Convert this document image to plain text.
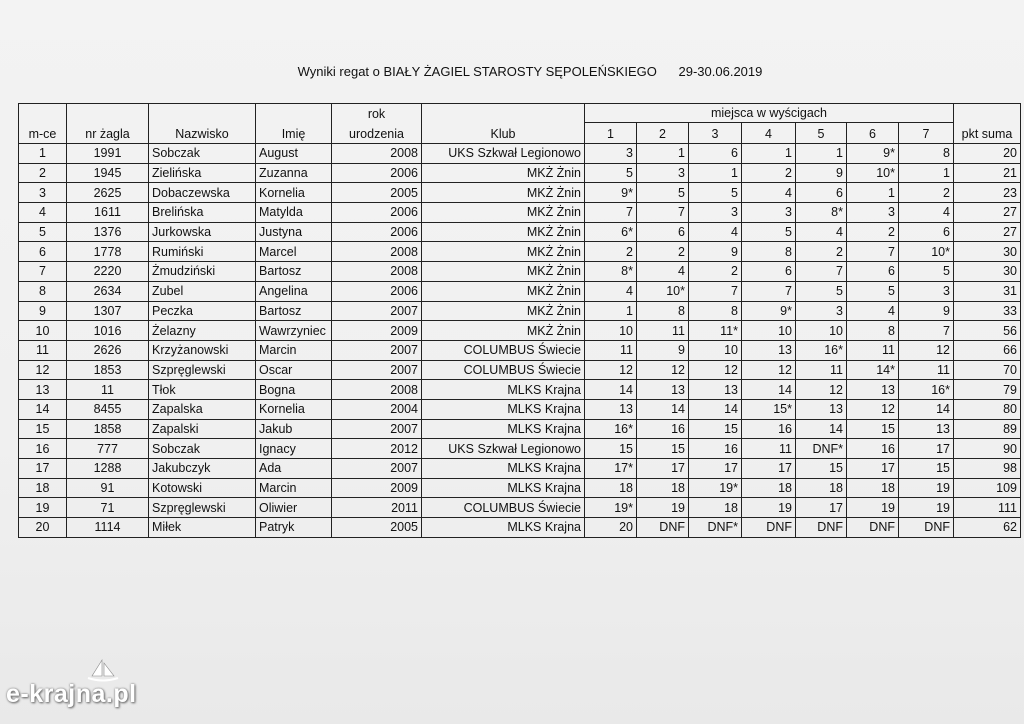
Wyniki regat o BIAŁY ŻAGIEL STAROSTY SĘPOLEŃSKIEGO      29-30.06.2019
m-ce	nr żagla	Nazwisko	Imię	rok	Klub	miejsca w wyścigach							pkt suma
				urodzenia		1	2	3	4	5	6	7	
1	1991	Sobczak	August	2008	UKS Szkwał Legionowo	3	1	6	1	1	9*	8	20
2	1945	Zielińska	Zuzanna	2006	MKŻ Żnin	5	3	1	2	9	10*	1	21
3	2625	Dobaczewska	Kornelia	2005	MKŻ Żnin	9*	5	5	4	6	1	2	23
4	1611	Brelińska	Matylda	2006	MKŻ Żnin	7	7	3	3	8*	3	4	27
5	1376	Jurkowska	Justyna	2006	MKŻ Żnin	6*	6	4	5	4	2	6	27
6	1778	Rumiński	Marcel	2008	MKŻ Żnin	2	2	9	8	2	7	10*	30
7	2220	Żmudziński	Bartosz	2008	MKŻ Żnin	8*	4	2	6	7	6	5	30
8	2634	Zubel	Angelina	2006	MKŻ Żnin	4	10*	7	7	5	5	3	31
9	1307	Peczka	Bartosz	2007	MKŻ Żnin	1	8	8	9*	3	4	9	33
10	1016	Żelazny	Wawrzyniec	2009	MKŻ Żnin	10	11	11*	10	10	8	7	56
11	2626	Krzyżanowski	Marcin	2007	COLUMBUS Świecie	11	9	10	13	16*	11	12	66
12	1853	Szpręglewski	Oscar	2007	COLUMBUS Świecie	12	12	12	12	11	14*	11	70
13	11	Tłok	Bogna	2008	MLKS Krajna	14	13	13	14	12	13	16*	79
14	8455	Zapalska	Kornelia	2004	MLKS Krajna	13	14	14	15*	13	12	14	80
15	1858	Zapalski	Jakub	2007	MLKS Krajna	16*	16	15	16	14	15	13	89
16	777	Sobczak	Ignacy	2012	UKS Szkwał Legionowo	15	15	16	11	DNF*	16	17	90
17	1288	Jakubczyk	Ada	2007	MLKS Krajna	17*	17	17	17	15	17	15	98
18	91	Kotowski	Marcin	2009	MLKS Krajna	18	18	19*	18	18	18	19	109
19	71	Szpręglewski	Oliwier	2011	COLUMBUS Świecie	19*	19	18	19	17	19	19	111
20	1114	Miłek	Patryk	2005	MLKS Krajna	20	DNF	DNF*	DNF	DNF	DNF	DNF	62
e-krajna.pl
